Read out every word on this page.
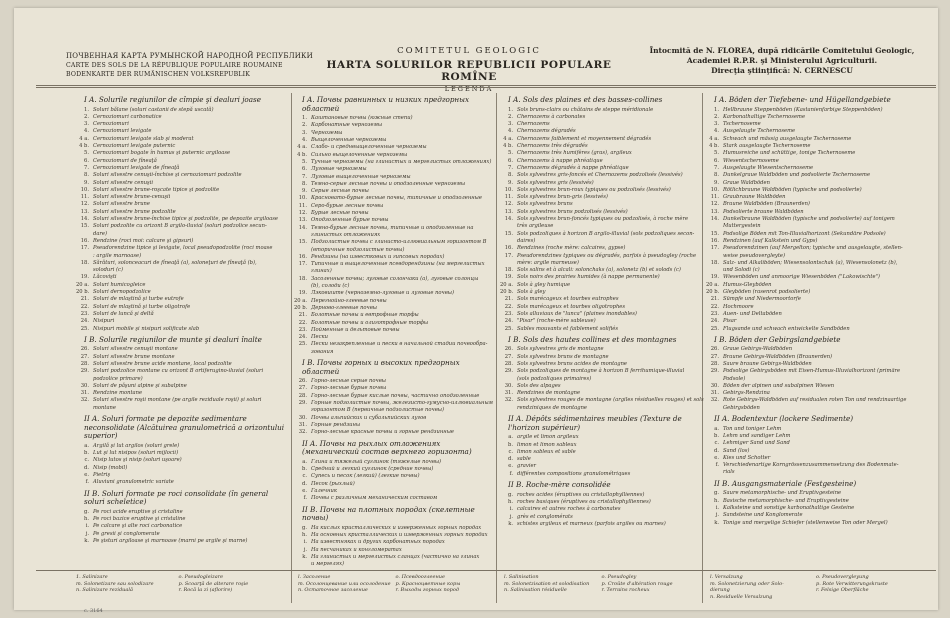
ПОЧВЕННАЯ КАРТА РУМЫНСКОЙ НАРОДНОЙ РЕСПУБЛИКИ
CARTE DES SOLS DE LA RÉPUBLIQUE POPULAIRE ROUMAINE
BODENKARTE DER RUMÄNISCHEN VOLKSREPUBLIK
COMITETUL GEOLOGIC
HARTA SOLURILOR REPUBLICII POPULARE ROMÎNE
LEGENDA
Întocmită de N. FLOREA, după ridicările Comitetului Geologic,
Academiei R.P.R. şi Ministerului Agriculturii.
Direcţia ştiinţifică: N. CERNESCU
I A. Solurile regiunilor de cîmpie şi dealuri joase
1. Soluri bălane (soluri castanii de stepă uscată)
2. Cernoziomuri carbonatice
3. Cernoziomuri
4. Cernoziomuri levigate
4 a. Cernoziomuri levigate slab şi moderat
4 b. Cernoziomuri levigate puternic
5. Cernoziomuri bogate în humus şi puternic argiloase
6. Cernoziomuri de fîneaţă
7. Cernoziomuri levigate de fîneaţă
8. Soluri silvestre cenuşii-închise şi cernoziomuri podzolite
9. Soluri silvestre cenuşii
10. Soluri silvestre brune-roşcate tipice şi podzolite
11. Soluri silvestre brune-cenuşii
12. Soluri silvestre brune
13. Soluri silvestre brune podzolite
14. Soluri silvestre brune-închise tipice şi podzolite, pe depozite argiloase
15. Soluri podzolite cu orizont B argilo-iluvial (soluri podzolice secun-
dare)
16. Rendzine (roci moi: calcare şi gipsuri)
17. Pseudorendzine tipice şi levigate, local pseudopodzolite (roci moase
: argile marnoase)
18. Sărături, solonceacuri de fîneaţă (a), soloneţuri de fîneaţă (b),
soloduri (c)
19. Lăcovişti
20 a. Soluri humicogleice
20 b. Soluri dernopodzolice
21. Soluri de mlaştină şi turbe eutrofe
22. Soluri de mlaştină şi turbe oligotrofe
23. Soluri de luncă şi deltă
24. Nisipuri
25. Nisipuri mobile şi nisipuri solificate slab
I B. Solurile regiunilor de munte şi dealuri înalte
26. Soluri silvestre cenuşii montane
27. Soluri silvestre brune montane
28. Soluri silvestre brune acide montane, local podzolite
29. Soluri podzolice montane cu orizont B ortiferugino-iluvial (soluri
podzolice primare)
30. Soluri de păşuni alpine şi subalpine
31. Rendzine montane
32. Soluri silvestre roşii montane (pe argile reziduale roşii) şi soluri
montane
II A. Soluri formate pe depozite sedimentare neconsolidate (Alcătuirea granulometrică a orizontului superior)
a. Argilă şi lut argilos (soluri grele)
b. Lut şi lut nisipos (soluri mijlocii)
c. Nisip lutos şi nisip (soluri uşoare)
d. Nisip (mobil)
e. Pietriş
f. Aluviuni granulometric variate
II B. Soluri formate pe roci consolidate (în general soluri scheletice)
g. Pe roci acide eruptive şi cristaline
h. Pe roci bazice eruptive şi cristaline
i. Pe calcare şi alte roci carbonatice
j. Pe gresii şi conglomerate
k. Pe şisturi argiloase şi marnoase (marni pe argile şi marne)
I A. Почвы равнинных и низких предгорных областей
1. Каштановые почвы (южные степи)
2. Карбонатные черноземы
3. Черноземы
4. Выщелоченные черноземы
4 a. Слабо- и среднвыщелоченные черноземы
4 b. Сильно выщелоченные черноземы
5. Тучные черноземы (на глинистых и мергелистых отложениях)
6. Луговые черноземы
7. Луговые выщелоченные черноземы
8. Темно-серые лесные почвы и оподзоленные черноземы
9. Серые лесные почвы
10. Красновато-бурые лесные почвы, типичные и оподзоленные
11. Серо-бурые лесные почвы
12. Бурые лесные почвы
13. Оподзоленные бурые почвы
14. Темно-бурые лесные почвы, типичные и оподзоленные на
глинистых отложениях
15. Подзолистые почвы с глинисто-иллювиальным горизонтом В
(вторичные подзолистые почвы)
16. Рендзины (на известковых и гипсовых породах)
17. Типичные и выщелоченные псевдорендзины (на мергелистых
глинах)
18. Засоленные почвы; луговые солончаки (а), луговые солонцы
(b), солоди (c)
19. Лэковиште (черноземно-луговые и луговые почвы)
20 a. Перегнойно-глеевые почвы
20 b. Дерново-глеевые почвы
21. Болотные почвы и евтрофные торфы
22. Болотные почвы и олиготрофные торфы
23. Пойменные и дельтовые почвы
24. Пески
25. Пески незакрепленные и пески в начальной стадии почвообра-
зования
I B. Почвы горных и высоких предгорных областей
26. Горно-лесные серые почвы
27. Горно-лесные бурые почвы
28. Горно-лесные бурые кислые почвы, частично оподзоленные
29. Горные подзолистые почвы, железисто-гумусно-иллювиальным
горизонтом В (первичные подзолистые почвы)
30. Почвы альпийских и субальпийских лугов
31. Горные рендзины
32. Горно-лесные красные почвы и горные рендзинные
II A. Почвы на рыхлых отложениях (механический состав верхнего горизонта)
a. Глина и тяжелый суглинок (тяжелые почвы)
b. Средний и легкий суглинок (средние почвы)
c. Супесь и песок (легкий) (легкие почвы)
d. Песок (рыхлый)
e. Галечник
f. Почвы с различным механическим составом
II B. Почвы на плотных породах (скелетные почвы)
g. На кислых кристаллических и изверженных горных породах
h. На основных кристаллических и изверженных горных породах
i. На известняках и других карбонатных породах
j. На песчаниках и конгломератах
k. На глинистых и мергелистых сланцах (частично на глинах
и мергелях)
I A. Sols des plaines et des basses-collines
1. Sols bruns-clairs ou châtains de steppe méridionale
2. Chernozems à carbonates
3. Chernozems
4. Chernozems dégradés
4 a. Chernozems faiblement et moyennement dégradés
4 b. Chernozems très dégradés
5. Chernozems très humifères (gras), argileux
6. Chernozems à nappe phréatique
7. Chernozems dégradés à nappe phréatique
8. Sols sylvestres gris-foncés et Chernozems podzolisés (lessivés)
9. Sols sylvestres gris (lessivés)
10. Sols sylvestres brun-roux typiques ou podzolisés (lessivés)
11. Sols sylvestres brun-gris (lessivés)
12. Sols sylvestres bruns
13. Sols sylvestres bruns podzolisés (lessivés)
14. Sols sylvestres brun-foncés typiques ou podzolisés, à roche mère
très argileuse
15. Sols podzoliques à horizon B argilo-illuvial (sols podzoliques secon-
daires)
16. Rendzines (roche mère: calcaires, gypse)
17. Pseudorendzines typiques ou dégradés, parfois à pseudogley (roche
mère: argile marneuse)
18. Sols salins et à alcali: solonchaks (a), solonetz (b) et solods (c)
19. Sols noirs des prairies humides (à nappe permanente)
20 a. Sols à gley humique
20 b. Sols à gley
21. Sols marécageux et tourbes eutrophes
22. Sols marécageux et tourbes oligotrophes
23. Sols alluviaux de "lunca" (plaines inondables)
24. "Pisar" (roche-mère sableuse)
25. Sables mouvants et faiblement solifiés
I B. Sols des hautes collines et des montagnes
26. Sols sylvestres gris de montagne
27. Sols sylvestres bruns de montagne
28. Sols sylvestres bruns acides de montagne
29. Sols podzoliques de montagne à horizon B ferrihumique-illuvial
(sols podzoliques primaires)
30. Sols des alpages
31. Rendzines de montagne
32. Sols sylvestres rouges de montagne (argiles résiduelles rouges) et sols
rendziniques de montagne
II A. Dépôts sédimentaires meubles (Texture de l'horizon supérieur)
a. argile et limon argileux
b. limon et limon sableux
c. limon sableux et sable
d. sable
e. gravier
f. différentes compositions granulométriques
II B. Roche-mère consolidée
g. roches acides (éruptives ou cristallophylliennes)
h. roches basiques (éruptives ou cristallophylliennes)
i. calcaires et autres roches à carbonates
j. grès et conglomérats
k. schistes argileux et marneux (parfois argiles ou marnes)
I A. Böden der Tiefebene- und Hügellandgebiete
1. Hellbraune Steppenböden (Kastanienfarbige Steppenböden)
2. Karbonathaltige Tschernoseme
3. Tschernoseme
4. Ausgelaugte Tschernoseme
4 a. Schwach und mässig ausgelaugte Tschernoseme
4 b. Stark ausgelaugte Tschernoseme
5. Humusreiche und schüttige, tonige Tschernoseme
6. Wiesentschernoseme
7. Ausgelaugte Wiesentschernoseme
8. Dunkelgraue Waldböden und podsolierte Tschernoseme
9. Graue Waldböden
10. Rötlichbraune Waldböden (typische und podsolierte)
11. Graubraune Waldböden
12. Braune Waldböden (Braunerden)
13. Podsolierte braune Waldböden
14. Dunkelbraune Waldböden (typische und podsolierte) auf tonigem
Muttergestein
15. Podsolige Böden mit Ton-Illuvialhorizont (Sekundäre Podsole)
16. Rendzinen (auf Kalkstein und Gyps)
17. Pseudorendzinen (auf Mergelton; typische und ausgelaugte, stellen-
weise pseudovergleyte)
18. Salz- und Alkaliböden; Wiesensolontschak (a), Wiesensolonetz (b),
und Solodi (c)
19. Wiesenböden und anmoorige Wiesenböden ("Lakowischte")
20 a. Humus-Gleyböden
20 b. Gleyböden (rasenrot podsolierte)
21. Sümpfe und Niedermoortorfe
22. Hochmoore
23. Auen- und Deltaböden
24. Pisar
25. Flugsande und schwach entwickelte Sandböden
I B. Böden der Gebirgslandgebiete
26. Graue Gebirgs-Waldböden
27. Braune Gebirgs-Waldböden (Braunerden)
28. Saure braune Gebirgs-Waldböden
29. Podsolige Gebirgsböden mit Eisen-Humus-Illuvialhorizont (primäre
Podsole)
30. Böden der alpinen und subalpinen Wiesen
31. Gebirgs-Rendzina
32. Rote Gebirgs-Waldböden auf residualen roten Ton und rendzinaartige
Gebirgsböden
II A. Bodentextur (lockere Sedimente)
a. Ton und toniger Lehm
b. Lehm und sandiger Lehm
c. Lehmiger Sand und Sand
d. Sand (los)
e. Kies und Schotter
f. Verschiedenartige Korngrössenzusammensetzung des Bodenmate-
rials
II B. Ausgangsmateriale (Festgesteine)
g. Saure metamorphische- und Eruptivgesteine
h. Basische metamorphische- und Eruptivgesteine
i. Kalksteine und sonstige karbonathaltige Gesteine
j. Sandsteine und Konglomerate
k. Tonige und mergelige Schiefer (stellenweise Ton oder Mergel)
1. Salinizare	o. Pseudogleizare
m. Solonetizare sau solodizare	p. Scoarţă de alterare roşie
n. Salinizare reziduală	r. Rocă la zi (aflorire)
l. Засоление	o. Псевдооглеение
m. Осолонцевание или осолодение p. Красноцветные коры
n. Остаточное засоление	r. Выходы горных пород
l. Salinisation	o. Pseudogley
m. Solonetzisation et solodisation	p. Croûte d'altération rouge
n. Salinisation résiduelle	r. Terrains rocheux
l. Versalzung	o. Pseudovergleyung
m. Solonetzierung oder Solo-	p. Rote Verwitterungskruste
dierung	r. Felsige Oberfläche
n. Residuelle Versalzung
c. 3164
